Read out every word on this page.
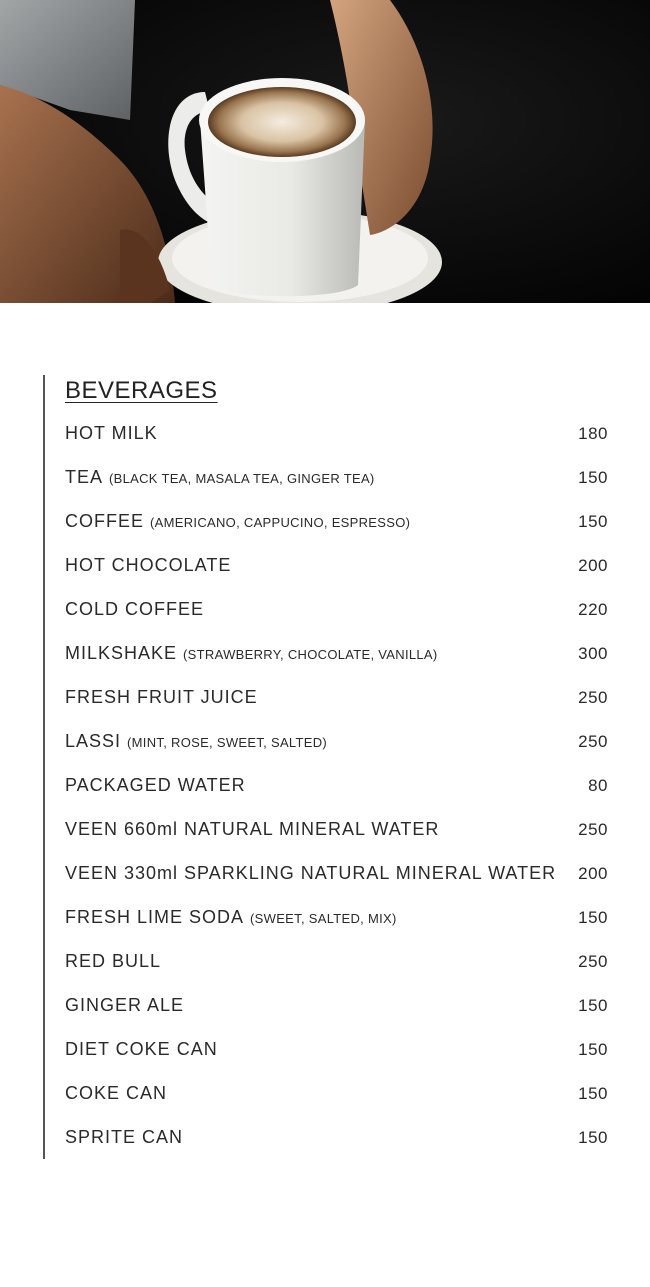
BEVERAGES
HOT MILK	180
TEA (BLACK TEA, MASALA TEA, GINGER TEA)	150
COFFEE (AMERICANO, CAPPUCINO, ESPRESSO)	150
HOT CHOCOLATE	200
COLD COFFEE	220
MILKSHAKE (STRAWBERRY, CHOCOLATE, VANILLA)	300
FRESH FRUIT JUICE	250
LASSI (MINT, ROSE, SWEET, SALTED)	250
PACKAGED WATER	80
VEEN 660ml NATURAL MINERAL WATER	250
VEEN 330ml SPARKLING NATURAL MINERAL WATER 200
FRESH LIME SODA (SWEET, SALTED, MIX)	150
RED BULL	250
GINGER ALE	150
DIET COKE CAN	150
COKE CAN	150
SPRITE CAN	150
